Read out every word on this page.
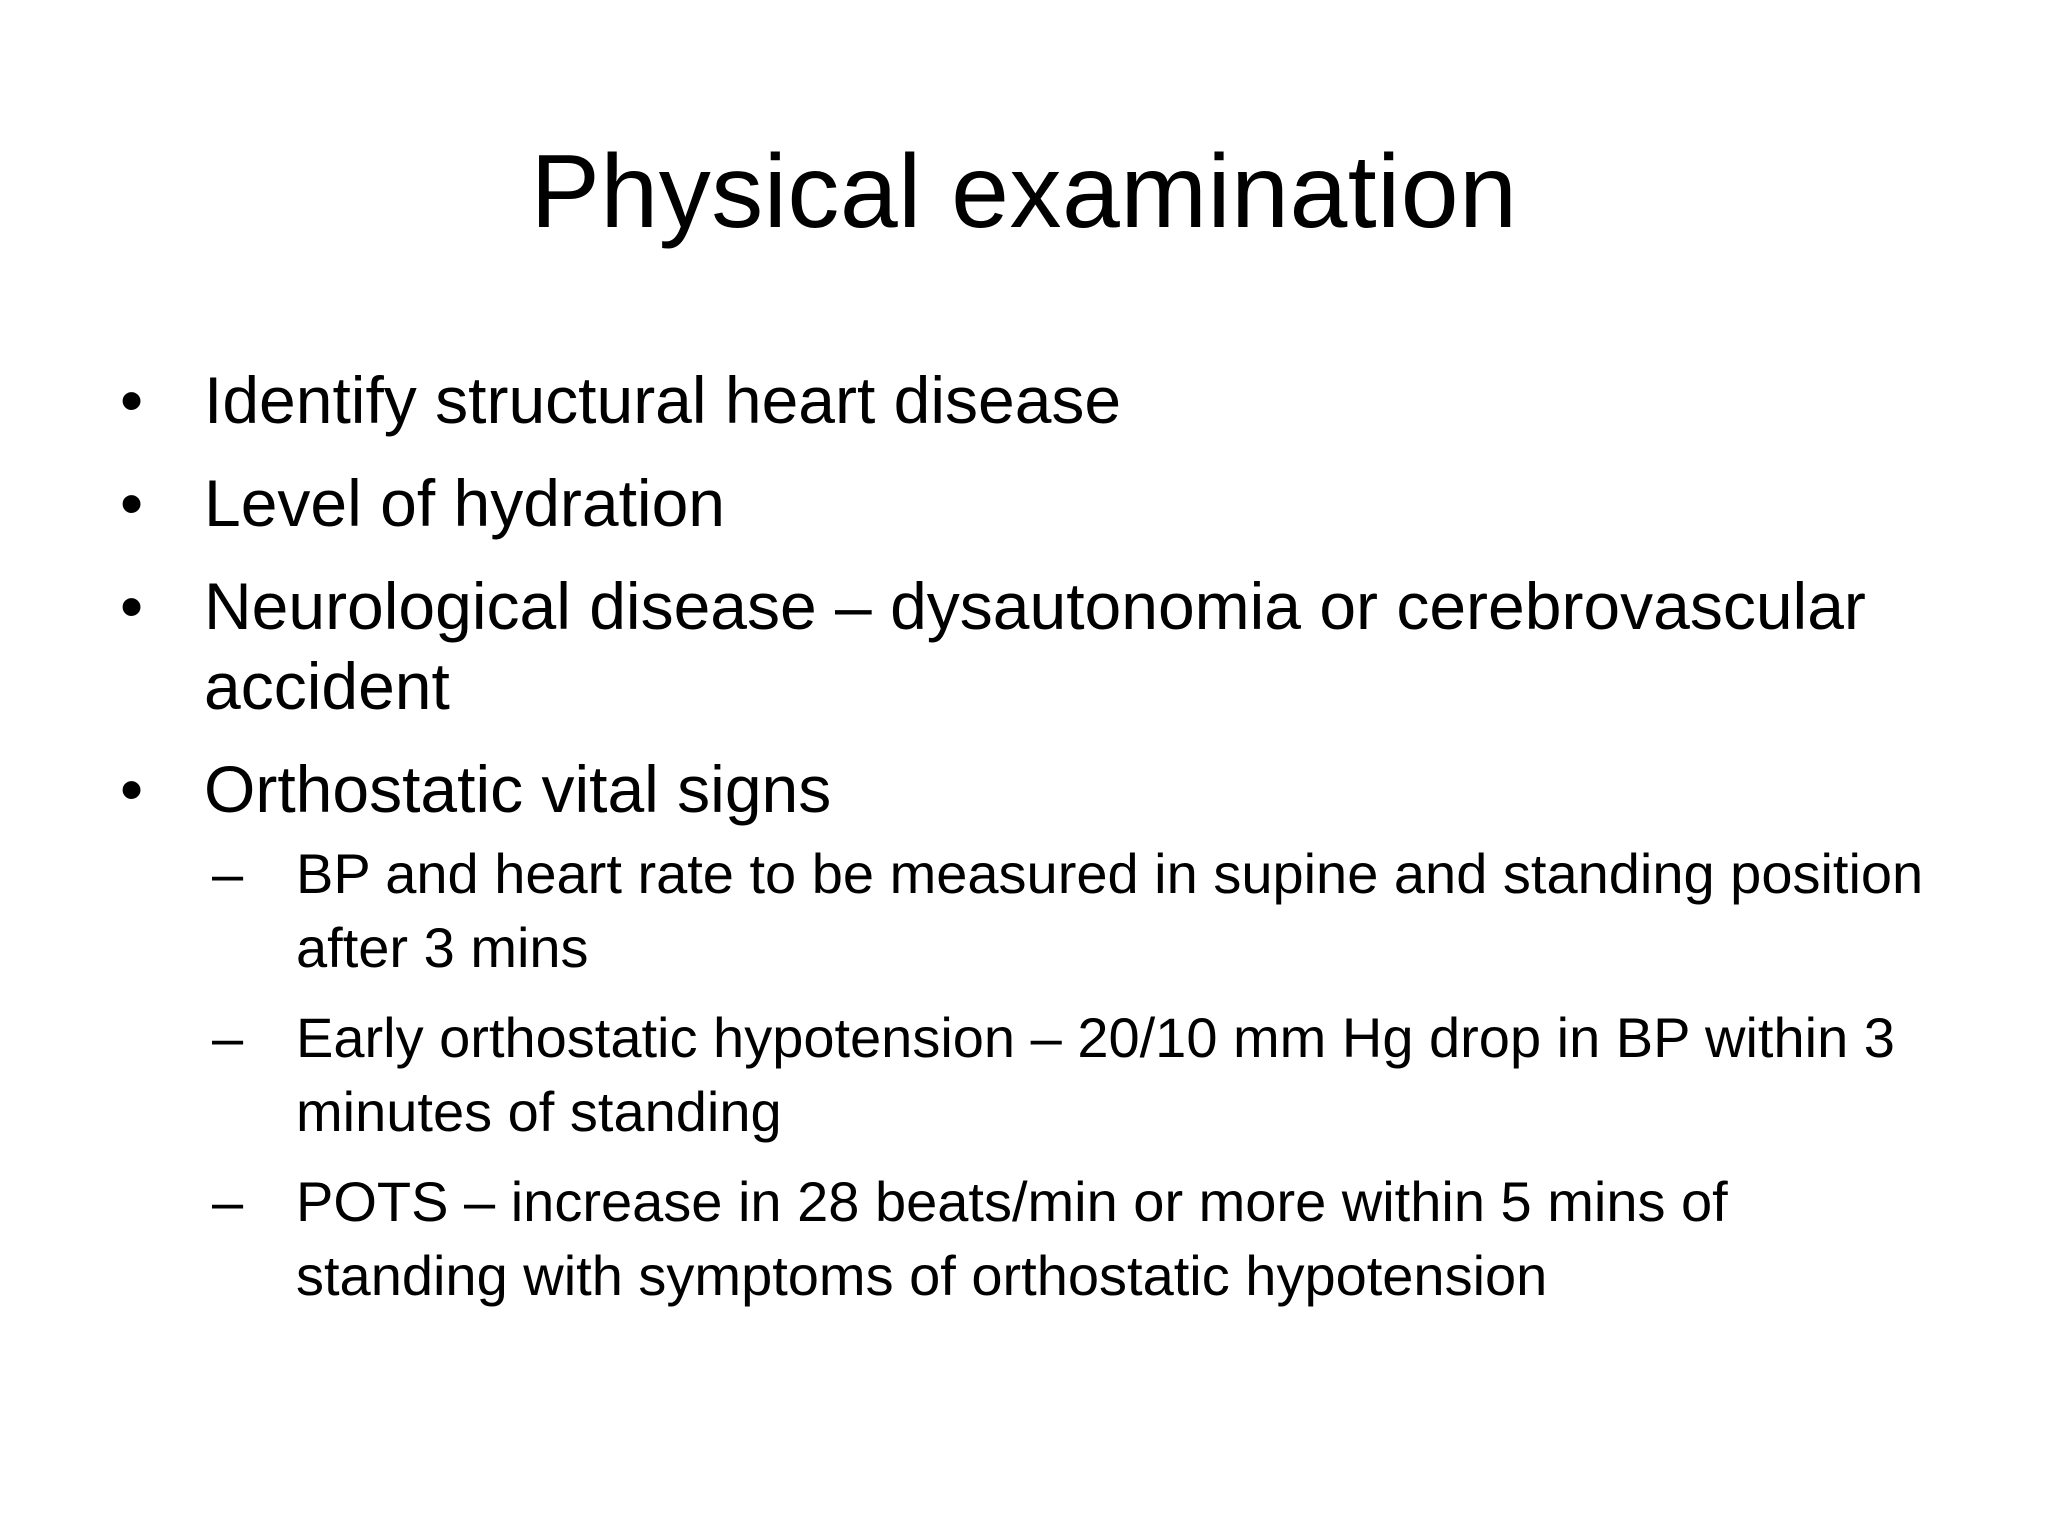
Physical examination
• Identify structural heart disease
• Level of hydration
• Neurological disease – dysautonomia or cerebrovascular accident
• Orthostatic vital signs
– BP and heart rate to be measured in supine and standing position after 3 mins
– Early orthostatic hypotension – 20/10 mm Hg drop in BP within 3 minutes of standing
– POTS – increase in 28 beats/min or more within 5 mins of standing with symptoms of orthostatic hypotension
